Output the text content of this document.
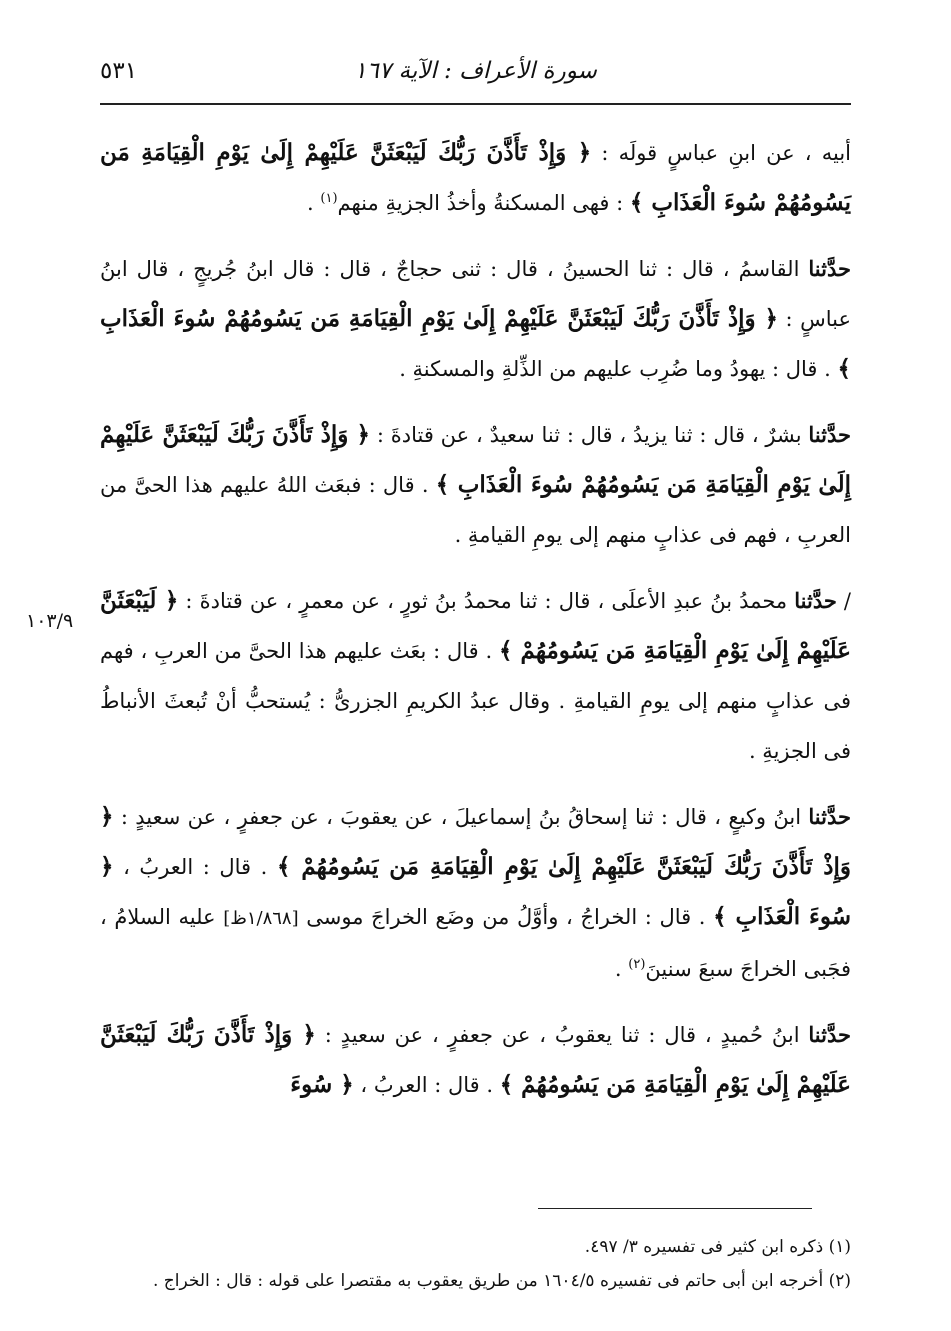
سورة الأعراف : الآية ١٦٧
٥٣١
١٠٣/٩

أبيه ، عن ابنِ عباسٍ قولَه : ﴿ وَإِذْ تَأَذَّنَ رَبُّكَ لَيَبْعَثَنَّ عَلَيْهِمْ إِلَىٰ يَوْمِ الْقِيَامَةِ مَن يَسُومُهُمْ سُوءَ الْعَذَابِ ﴾ : فهى المسكنةُ وأخذُ الجزيةِ منهم$^{(١)}$ .

حدَّثنا القاسمُ ، قال : ثنا الحسينُ ، قال : ثنى حجاجٌ ، قال : قال ابنُ جُريجٍ ، قال ابنُ عباسٍ : ﴿ وَإِذْ تَأَذَّنَ رَبُّكَ لَيَبْعَثَنَّ عَلَيْهِمْ إِلَىٰ يَوْمِ الْقِيَامَةِ مَن يَسُومُهُمْ سُوءَ الْعَذَابِ ﴾ . قال : يهودُ وما ضُرِب عليهم من الذِّلةِ والمسكنةِ .

حدَّثنا بشرٌ ، قال : ثنا يزيدُ ، قال : ثنا سعيدٌ ، عن قتادةَ : ﴿ وَإِذْ تَأَذَّنَ رَبُّكَ لَيَبْعَثَنَّ عَلَيْهِمْ إِلَىٰ يَوْمِ الْقِيَامَةِ مَن يَسُومُهُمْ سُوءَ الْعَذَابِ ﴾ . قال : فبعَث اللهُ عليهم هذا الحىَّ من العربِ ، فهم فى عذابٍ منهم إلى يومِ القيامةِ .

/ حدَّثنا محمدُ بنُ عبدِ الأعلَى ، قال : ثنا محمدُ بنُ ثورٍ ، عن معمرٍ ، عن قتادةَ : ﴿ لَيَبْعَثَنَّ عَلَيْهِمْ إِلَىٰ يَوْمِ الْقِيَامَةِ مَن يَسُومُهُمْ ﴾ . قال : بعَث عليهم هذا الحىَّ من العربِ ، فهم فى عذابٍ منهم إلى يومِ القيامةِ . وقال عبدُ الكريمِ الجزرىُّ : يُستحبُّ أنْ تُبعثَ الأنباطُ فى الجزيةِ .

حدَّثنا ابنُ وكيعٍ ، قال : ثنا إسحاقُ بنُ إسماعيلَ ، عن يعقوبَ ، عن جعفرٍ ، عن سعيدٍ : ﴿ وَإِذْ تَأَذَّنَ رَبُّكَ لَيَبْعَثَنَّ عَلَيْهِمْ إِلَىٰ يَوْمِ الْقِيَامَةِ مَن يَسُومُهُمْ ﴾ . قال : العربُ ، ﴿ سُوءَ الْعَذَابِ ﴾ . قال : الخراجُ ، وأوَّلُ من وضَع الخراجَ موسى [١/٨٦٨ظ] عليه السلامُ ، فجَبى الخراجَ سبعَ سنينَ$^{(٢)}$ .

حدَّثنا ابنُ حُميدٍ ، قال : ثنا يعقوبُ ، عن جعفرٍ ، عن سعيدٍ : ﴿ وَإِذْ تَأَذَّنَ رَبُّكَ لَيَبْعَثَنَّ عَلَيْهِمْ إِلَىٰ يَوْمِ الْقِيَامَةِ مَن يَسُومُهُمْ ﴾ . قال : العربُ ، ﴿ سُوءَ

(١) ذكره ابن كثير فى تفسيره ٣/ ٤٩٧.

(٢) أخرجه ابن أبى حاتم فى تفسيره ١٦٠٤/٥ من طريق يعقوب به مقتصرا على قوله : قال : الخراج .
